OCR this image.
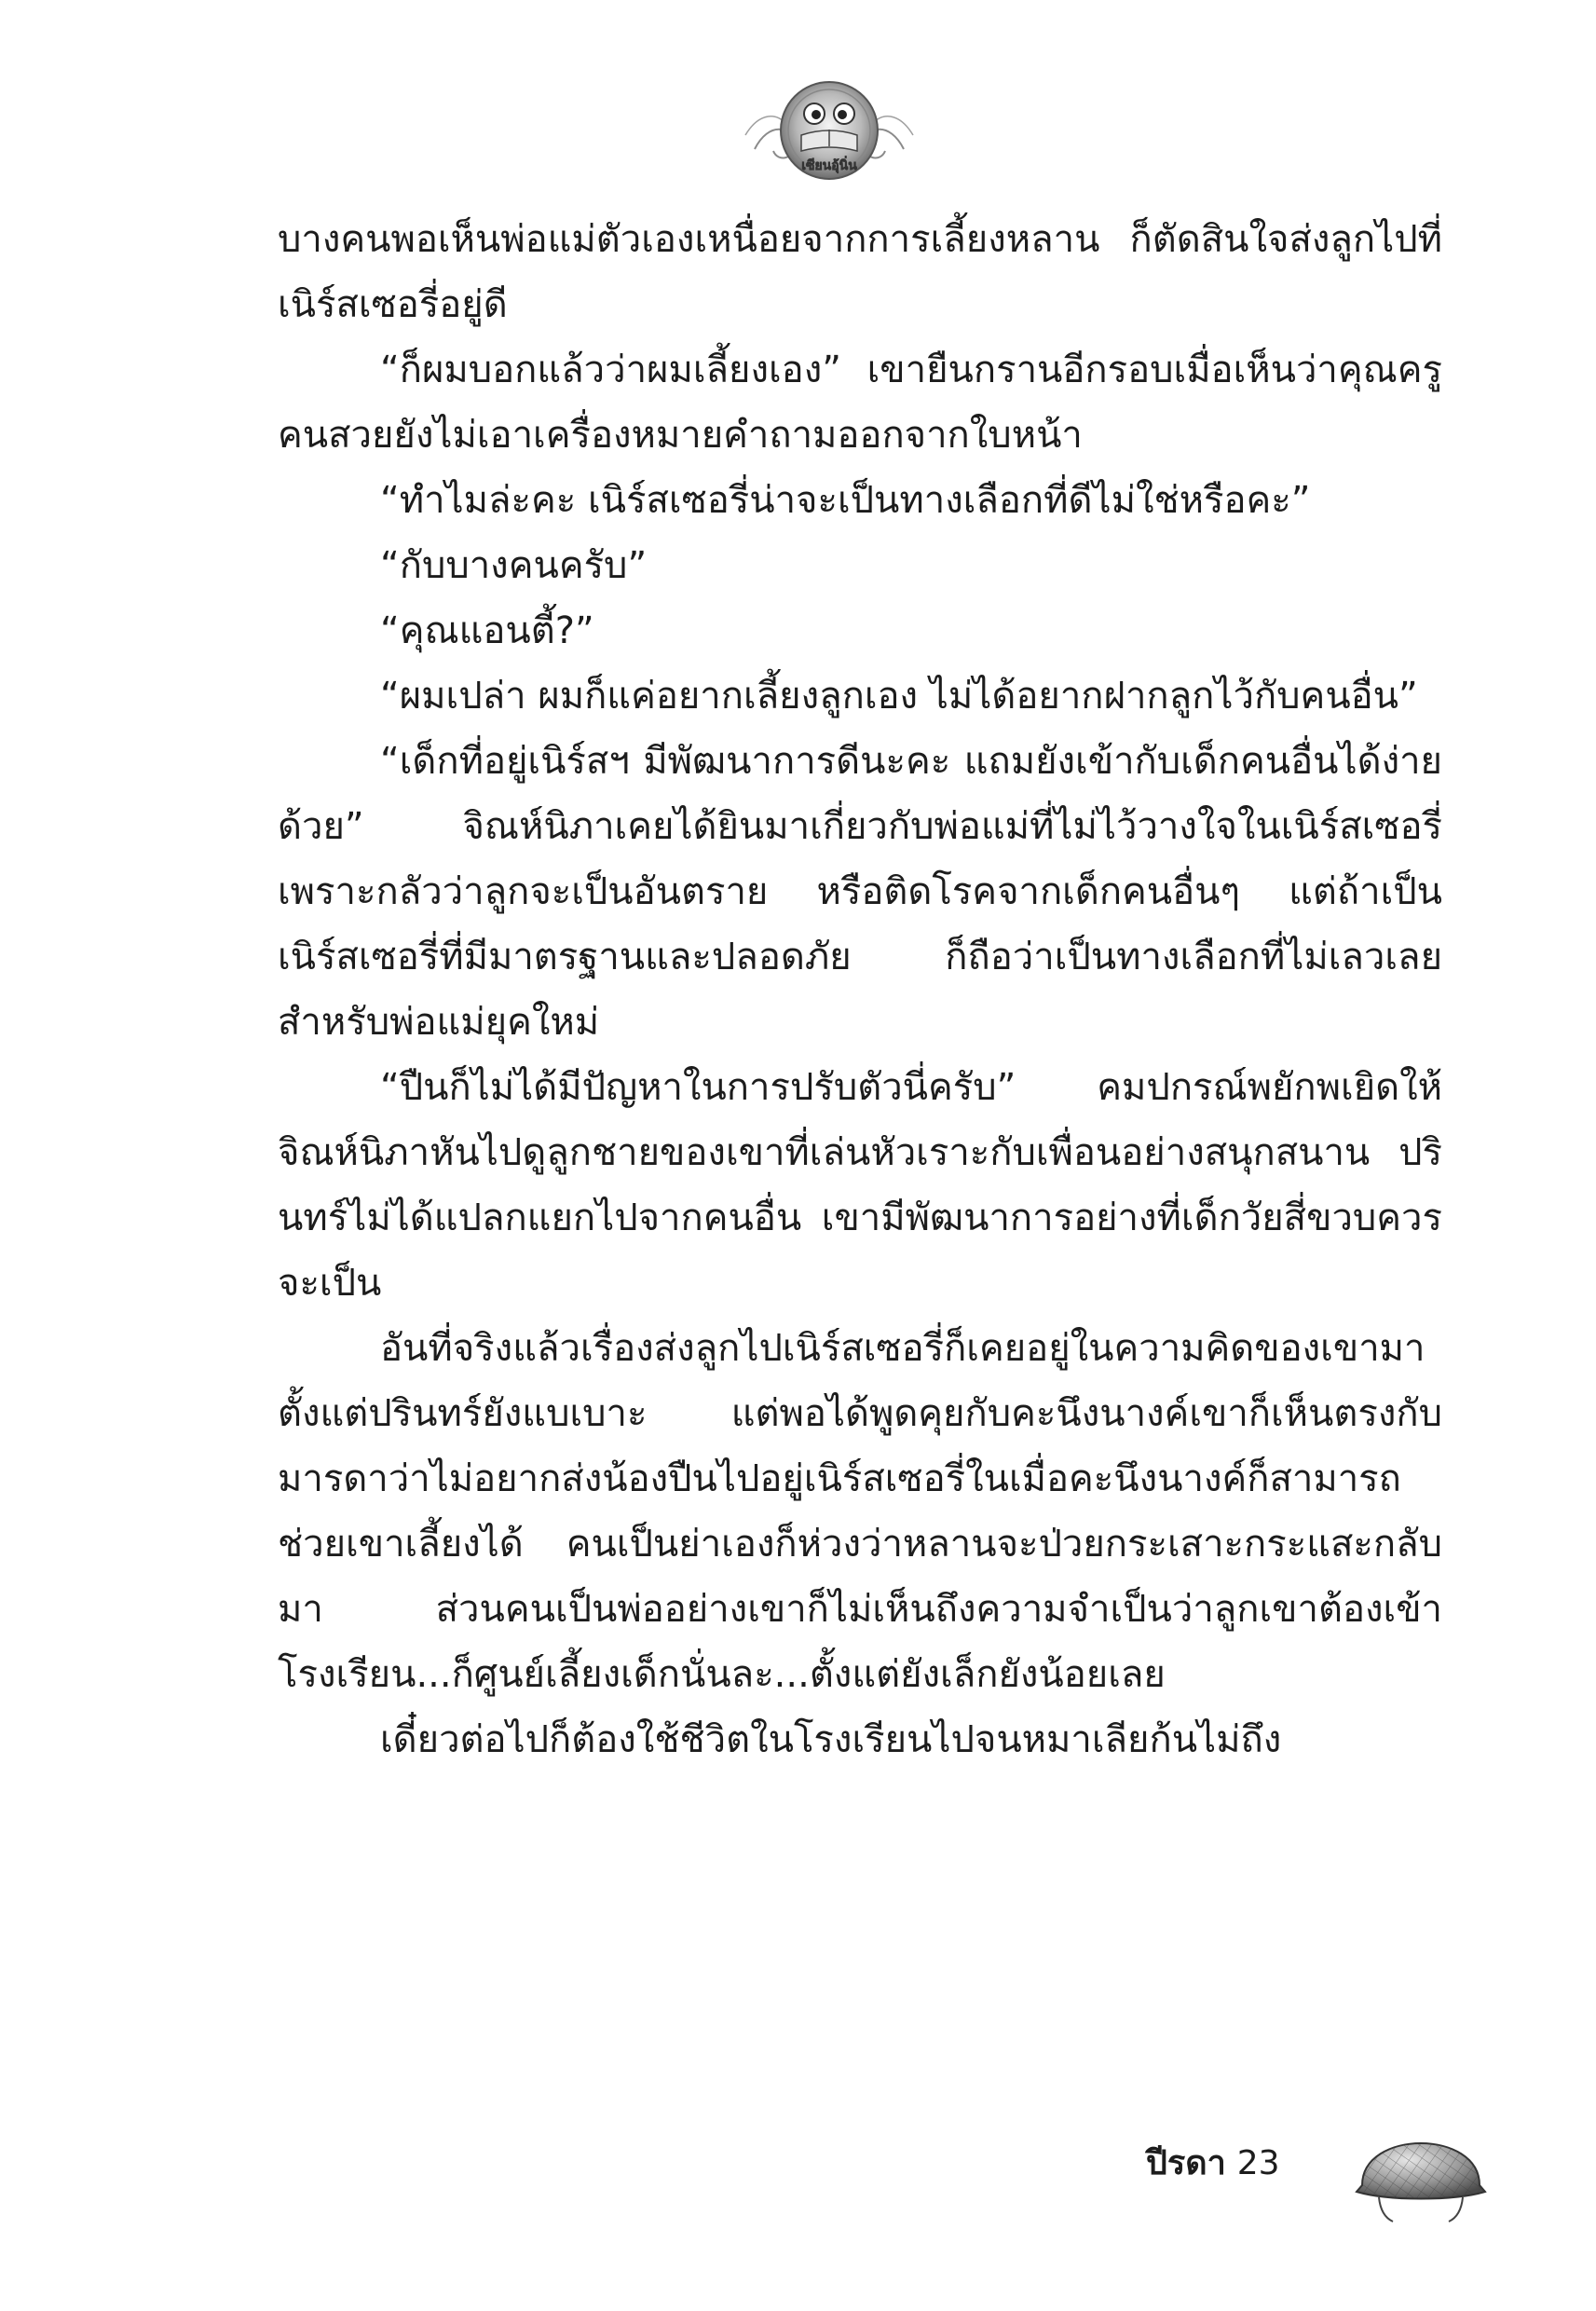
เซียนอุ้นิ่น

บางคนพอเห็นพ่อแม่ตัวเองเหนื่อยจากการเลี้ยงหลาน ก็ตัดสินใจส่งลูกไปที่เนิร์สเซอรี่อยู่ดี

“ก็ผมบอกแล้วว่าผมเลี้ยงเอง” เขายืนกรานอีกรอบเมื่อเห็นว่าคุณครูคนสวยยังไม่เอาเครื่องหมายคำถามออกจากใบหน้า

“ทำไมล่ะคะ เนิร์สเซอรี่น่าจะเป็นทางเลือกที่ดีไม่ใช่หรือคะ”

“กับบางคนครับ”

“คุณแอนตี้?”

“ผมเปล่า ผมก็แค่อยากเลี้ยงลูกเอง ไม่ได้อยากฝากลูกไว้กับคนอื่น”

“เด็กที่อยู่เนิร์สฯ มีพัฒนาการดีนะคะ แถมยังเข้ากับเด็กคนอื่นได้ง่ายด้วย” จิณห์นิภาเคยได้ยินมาเกี่ยวกับพ่อแม่ที่ไม่ไว้วางใจในเนิร์สเซอรี่ เพราะกลัวว่าลูกจะเป็นอันตราย หรือติดโรคจากเด็กคนอื่นๆ แต่ถ้าเป็นเนิร์สเซอรี่ที่มีมาตรฐานและปลอดภัย ก็ถือว่าเป็นทางเลือกที่ไม่เลวเลยสำหรับพ่อแม่ยุคใหม่

“ปืนก็ไม่ได้มีปัญหาในการปรับตัวนี่ครับ” คมปกรณ์พยักพเยิดให้จิณห์นิภาหันไปดูลูกชายของเขาที่เล่นหัวเราะกับเพื่อนอย่างสนุกสนาน ปรินทร์ไม่ได้แปลกแยกไปจากคนอื่น เขามีพัฒนาการอย่างที่เด็กวัยสี่ขวบควรจะเป็น

อันที่จริงแล้วเรื่องส่งลูกไปเนิร์สเซอรี่ก็เคยอยู่ในความคิดของเขามาตั้งแต่ปรินทร์ยังแบเบาะ แต่พอได้พูดคุยกับคะนึงนางค์เขาก็เห็นตรงกับมารดาว่าไม่อยากส่งน้องปืนไปอยู่เนิร์สเซอรี่ในเมื่อคะนึงนางค์ก็สามารถช่วยเขาเลี้ยงได้ คนเป็นย่าเองก็ห่วงว่าหลานจะป่วยกระเสาะกระแสะกลับมา ส่วนคนเป็นพ่ออย่างเขาก็ไม่เห็นถึงความจำเป็นว่าลูกเขาต้องเข้าโรงเรียน...ก็ศูนย์เลี้ยงเด็กนั่นละ...ตั้งแต่ยังเล็กยังน้อยเลย

เดี๋ยวต่อไปก็ต้องใช้ชีวิตในโรงเรียนไปจนหมาเลียก้นไม่ถึง

ปีรดา 23
